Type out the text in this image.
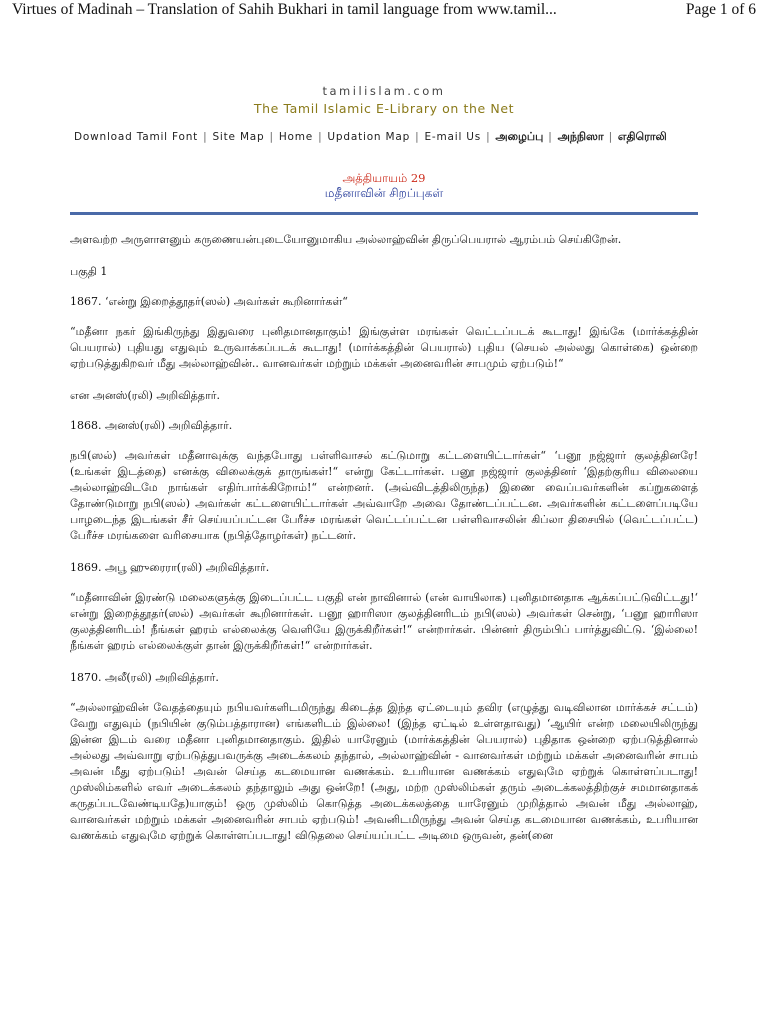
Virtues of Madinah – Translation of Sahih Bukhari in tamil language from www.tamil...	Page 1 of 6
tamilislam.com
The Tamil Islamic E-Library on the Net
Download Tamil Font | Site Map | Home | Updation Map | E-mail Us | அழைப்பு | அந்நிஸா | எதிரொலி
அத்தியாயம் 29
மதீனாவின் சிறப்புகள்

அளவற்ற அருளாளனும் கருணையன்புடையோனுமாகிய அல்லாஹ்வின் திருப்பெயரால் ஆரம்பம் செய்கிறேன்.

பகுதி 1

1867. ‘என்று இறைத்தூதர்(ஸல்) அவர்கள் கூறினார்கள்“

“மதீனா நகர் இங்கிருந்து இதுவரை புனிதமானதாகும்! இங்குள்ள மரங்கள் வெட்டப்படக் கூடாது! இங்கே (மார்க்கத்தின் பெயரால்) புதியது எதுவும் உருவாக்கப்படக் கூடாது! (மார்க்கத்தின் பெயரால்) புதிய (செயல் அல்லது கொள்கை) ஒன்றை ஏற்படுத்துகிறவர் மீது அல்லாஹ்வின்.. வானவர்கள் மற்றும் மக்கள் அனைவரின் சாபமும் ஏற்படும்!“

என அனஸ்(ரலி) அறிவித்தார்.

1868. அனஸ்(ரலி) அறிவித்தார்.

நபி(ஸல்) அவர்கள் மதீனாவுக்கு வந்தபோது பள்ளிவாசல் கட்டுமாறு கட்டளையிட்டார்கள்“ ‘பனூ நஜ்ஜார் குலத்தினரே! (உங்கள் இடத்தை) எனக்கு விலைக்குக் தாருங்கள்!“ என்று கேட்டார்கள். பனூ நஜ்ஜார் குலத்தினர் ‘இதற்குரிய விலையை அல்லாஹ்விடமே நாங்கள் எதிர்பார்க்கிறோம்!“ என்றனர். (அவ்விடத்திலிருந்த) இணை வைப்பவர்களின் கப்றுகளைத் தோண்டுமாறு நபி(ஸல்) அவர்கள் கட்டளையிட்டார்கள் அவ்வாறே அவை தோண்டப்பட்டன. அவர்களின் கட்டளைப்படியே பாழடைந்த இடங்கள் சீர் செய்யப்பட்டன பேரீச்ச மரங்கள் வெட்டப்பட்டன பள்ளிவாசலின் கிப்லா திசையில் (வெட்டப்பட்ட) பேரீச்ச மரங்களை வரிசையாக (நபித்தோழர்கள்) நட்டனர்.

1869. அபூ ஹுரைரா(ரலி) அறிவித்தார்.

“மதீனாவின் இரண்டு மலைகளுக்கு இடைப்பட்ட பகுதி என் நாவினால் (என் வாயிலாக) புனிதமானதாக ஆக்கப்பட்டுவிட்டது!‘ என்று இறைத்தூதர்(ஸல்) அவர்கள் கூறினார்கள். பனூ ஹாரிஸா குலத்தினரிடம் நபி(ஸல்) அவர்கள் சென்று, ‘பனூ ஹாரிஸா குலத்தினரிடம்! நீங்கள் ஹரம் எல்லைக்கு வெளியே இருக்கிறீர்கள்!“ என்றார்கள். பின்னர் திரும்பிப் பார்த்துவிட்டு. ‘இல்லை! நீங்கள் ஹரம் எல்லைக்குள் தான் இருக்கிறீர்கள்!“ என்றார்கள்.

1870. அலீ(ரலி) அறிவித்தார்.

“அல்லாஹ்வின் வேதத்தையும் நபியவர்களிடமிருந்து கிடைத்த இந்த ஏட்டையும் தவிர (எழுத்து வடிவிலான மார்க்கச் சட்டம்) வேறு எதுவும் (நபியின் குடும்பத்தாரான) எங்களிடம் இல்லை! (இந்த ஏட்டில் உள்ளதாவது) ‘ஆயிர் என்ற மலையிலிருந்து இன்ன இடம் வரை மதீனா புனிதமானதாகும். இதில் யாரேனும் (மார்க்கத்தின் பெயரால்) புதிதாக ஒன்றை ஏற்படுத்தினால் அல்லது அவ்வாறு ஏற்படுத்துபவருக்கு அடைக்கலம் தந்தால், அல்லாஹ்வின் - வானவர்கள் மற்றும் மக்கள் அனைவரின் சாபம் அவன் மீது ஏற்படும்! அவன் செய்த கடமையான வணக்கம். உபரியான வணக்கம் எதுவுமே ஏற்றுக் கொள்ளப்படாது! முஸ்லிம்களில் எவர் அடைக்கலம் தந்தாலும் அது ஒன்றே! (அது, மற்ற முஸ்லிம்கள் தரும் அடைக்கலத்திற்குச் சமமானதாகக் கருதப்படவேண்டியதே)யாகும்! ஒரு முஸ்லிம் கொடுத்த அடைக்கலத்தை யாரேனும் முறித்தால் அவன் மீது அல்லாஹ், வானவர்கள் மற்றும் மக்கள் அனைவரின் சாபம் ஏற்படும்! அவனிடமிருந்து அவன் செய்த கடமையான வணக்கம், உபரியான வணக்கம் எதுவுமே ஏற்றுக் கொள்ளப்படாது! விடுதலை செய்யப்பட்ட அடிமை ஒருவன், தன்(னை
